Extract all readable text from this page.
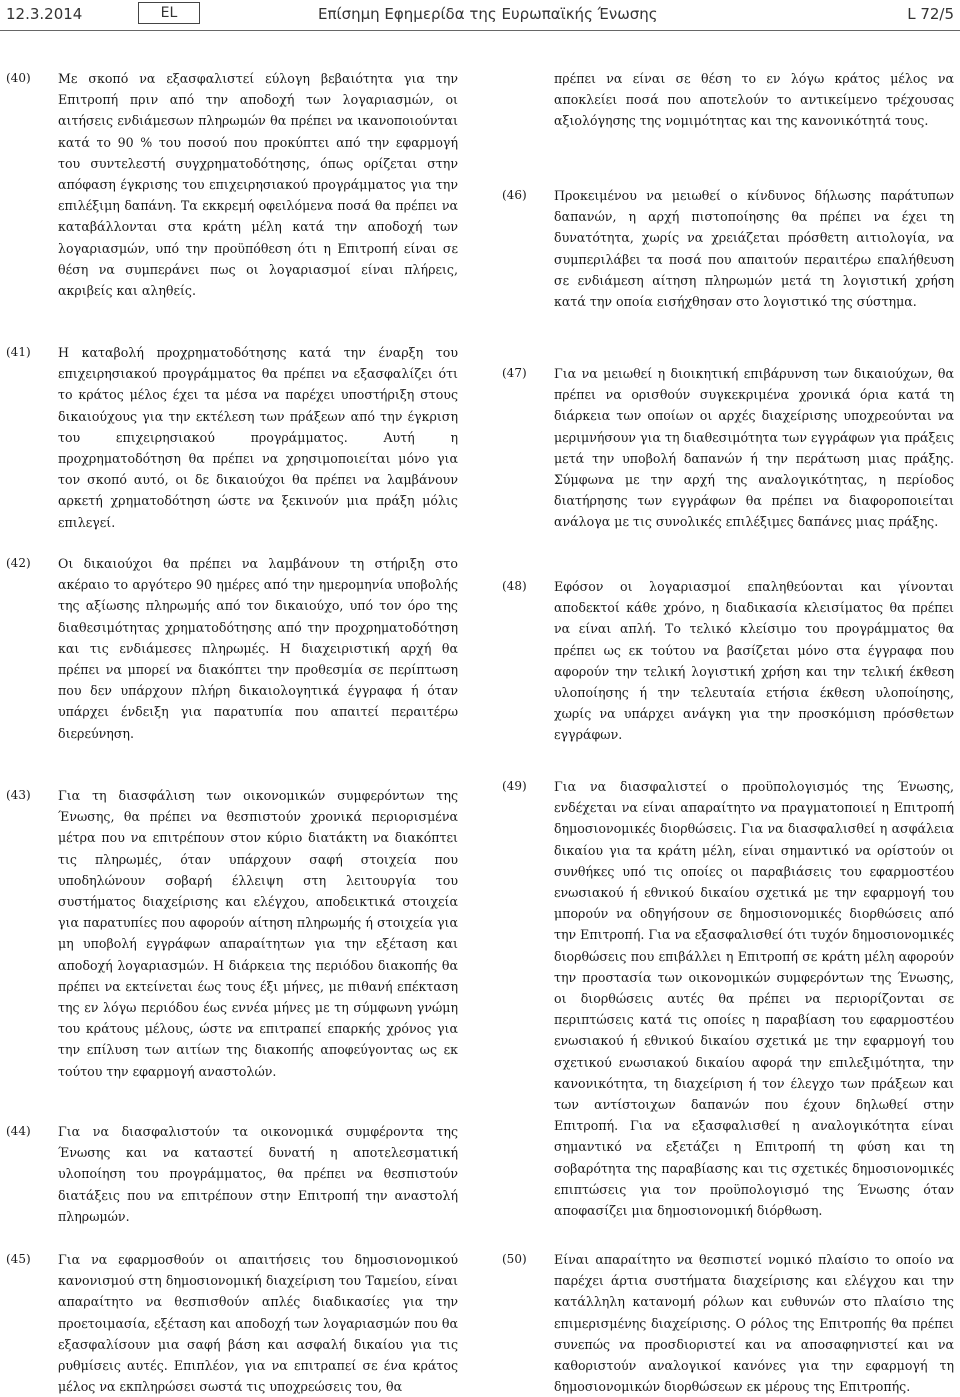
12.3.2014	EL	Επίσημη Εφημερίδα της Ευρωπαϊκής Ένωσης	L 72/5
(40) Με σκοπό να εξασφαλιστεί εύλογη βεβαιότητα για την Επιτροπή πριν από την αποδοχή των λογαριασμών, οι αιτήσεις ενδιάμεσων πληρωμών θα πρέπει να ικανοποιούνται κατά το 90 % του ποσού που προκύπτει από την εφαρμογή του συντελεστή συγχρηματοδότησης, όπως ορίζεται στην απόφαση έγκρισης του επιχειρησιακού προγράμματος για την επιλέξιμη δαπάνη. Τα εκκρεμή οφειλόμενα ποσά θα πρέπει να καταβάλλονται στα κράτη μέλη κατά την αποδοχή των λογαριασμών, υπό την προϋπόθεση ότι η Επιτροπή είναι σε θέση να συμπεράνει πως οι λογαριασμοί είναι πλήρεις, ακριβείς και αληθείς.
(41) Η καταβολή προχρηματοδότησης κατά την έναρξη του επιχειρησιακού προγράμματος θα πρέπει να εξασφαλίζει ότι το κράτος μέλος έχει τα μέσα να παρέχει υποστήριξη στους δικαιούχους για την εκτέλεση των πράξεων από την έγκριση του επιχειρησιακού προγράμματος. Αυτή η προχρηματοδότηση θα πρέπει να χρησιμοποιείται μόνο για τον σκοπό αυτό, οι δε δικαιούχοι θα πρέπει να λαμβάνουν αρκετή χρηματοδότηση ώστε να ξεκινούν μια πράξη μόλις επιλεγεί.
(42) Οι δικαιούχοι θα πρέπει να λαμβάνουν τη στήριξη στο ακέραιο το αργότερο 90 ημέρες από την ημερομηνία υποβολής της αξίωσης πληρωμής από τον δικαιούχο, υπό τον όρο της διαθεσιμότητας χρηματοδότησης από την προχρηματοδότηση και τις ενδιάμεσες πληρωμές. Η διαχειριστική αρχή θα πρέπει να μπορεί να διακόπτει την προθεσμία σε περίπτωση που δεν υπάρχουν πλήρη δικαιολογητικά έγγραφα ή όταν υπάρχει ένδειξη για παρατυπία που απαιτεί περαιτέρω διερεύνηση.
(43) Για τη διασφάλιση των οικονομικών συμφερόντων της Ένωσης, θα πρέπει να θεσπιστούν χρονικά περιορισμένα μέτρα που να επιτρέπουν στον κύριο διατάκτη να διακόπτει τις πληρωμές, όταν υπάρχουν σαφή στοιχεία που υποδηλώνουν σοβαρή έλλειψη στη λειτουργία του συστήματος διαχείρισης και ελέγχου, αποδεικτικά στοιχεία για παρατυπίες που αφορούν αίτηση πληρωμής ή στοιχεία για μη υποβολή εγγράφων απαραίτητων για την εξέταση και αποδοχή λογαριασμών. Η διάρκεια της περιόδου διακοπής θα πρέπει να εκτείνεται έως τους έξι μήνες, με πιθανή επέκταση της εν λόγω περιόδου έως εννέα μήνες με τη σύμφωνη γνώμη του κράτους μέλους, ώστε να επιτραπεί επαρκής χρόνος για την επίλυση των αιτίων της διακοπής αποφεύγοντας ως εκ τούτου την εφαρμογή αναστολών.
(44) Για να διασφαλιστούν τα οικονομικά συμφέροντα της Ένωσης και να καταστεί δυνατή η αποτελεσματική υλοποίηση του προγράμματος, θα πρέπει να θεσπιστούν διατάξεις που να επιτρέπουν στην Επιτροπή την αναστολή πληρωμών.
(45) Για να εφαρμοσθούν οι απαιτήσεις του δημοσιονομικού κανονισμού στη δημοσιονομική διαχείριση του Ταμείου, είναι απαραίτητο να θεσπισθούν απλές διαδικασίες για την προετοιμασία, εξέταση και αποδοχή των λογαριασμών που θα εξασφαλίσουν μια σαφή βάση και ασφαλή δικαίου για τις ρυθμίσεις αυτές. Επιπλέον, για να επιτραπεί σε ένα κράτος μέλος να εκπληρώσει σωστά τις υποχρεώσεις του, θα
πρέπει να είναι σε θέση το εν λόγω κράτος μέλος να αποκλείει ποσά που αποτελούν το αντικείμενο τρέχουσας αξιολόγησης της νομιμότητας και της κανονικότητά τους.
(46) Προκειμένου να μειωθεί ο κίνδυνος δήλωσης παράτυπων δαπανών, η αρχή πιστοποίησης θα πρέπει να έχει τη δυνατότητα, χωρίς να χρειάζεται πρόσθετη αιτιολογία, να συμπεριλάβει τα ποσά που απαιτούν περαιτέρω επαλήθευση σε ενδιάμεση αίτηση πληρωμών μετά τη λογιστική χρήση κατά την οποία εισήχθησαν στο λογιστικό της σύστημα.
(47) Για να μειωθεί η διοικητική επιβάρυνση των δικαιούχων, θα πρέπει να ορισθούν συγκεκριμένα χρονικά όρια κατά τη διάρκεια των οποίων οι αρχές διαχείρισης υποχρεούνται να μεριμνήσουν για τη διαθεσιμότητα των εγγράφων για πράξεις μετά την υποβολή δαπανών ή την περάτωση μιας πράξης. Σύμφωνα με την αρχή της αναλογικότητας, η περίοδος διατήρησης των εγγράφων θα πρέπει να διαφοροποιείται ανάλογα με τις συνολικές επιλέξιμες δαπάνες μιας πράξης.
(48) Εφόσον οι λογαριασμοί επαληθεύονται και γίνονται αποδεκτοί κάθε χρόνο, η διαδικασία κλεισίματος θα πρέπει να είναι απλή. Το τελικό κλείσιμο του προγράμματος θα πρέπει ως εκ τούτου να βασίζεται μόνο στα έγγραφα που αφορούν την τελική λογιστική χρήση και την τελική έκθεση υλοποίησης ή την τελευταία ετήσια έκθεση υλοποίησης, χωρίς να υπάρχει ανάγκη για την προσκόμιση πρόσθετων εγγράφων.
(49) Για να διασφαλιστεί ο προϋπολογισμός της Ένωσης, ενδέχεται να είναι απαραίτητο να πραγματοποιεί η Επιτροπή δημοσιονομικές διορθώσεις. Για να διασφαλισθεί η ασφάλεια δικαίου για τα κράτη μέλη, είναι σημαντικό να ορίστούν οι συνθήκες υπό τις οποίες οι παραβιάσεις του εφαρμοστέου ενωσιακού ή εθνικού δικαίου σχετικά με την εφαρμογή του μπορούν να οδηγήσουν σε δημοσιονομικές διορθώσεις από την Επιτροπή. Για να εξασφαλισθεί ότι τυχόν δημοσιονομικές διορθώσεις που επιβάλλει η Επιτροπή σε κράτη μέλη αφορούν την προστασία των οικονομικών συμφερόντων της Ένωσης, οι διορθώσεις αυτές θα πρέπει να περιορίζονται σε περιπτώσεις κατά τις οποίες η παραβίαση του εφαρμοστέου ενωσιακού ή εθνικού δικαίου σχετικά με την εφαρμογή του σχετικού ενωσιακού δικαίου αφορά την επιλεξιμότητα, την κανονικότητα, τη διαχείριση ή τον έλεγχο των πράξεων και των αντίστοιχων δαπανών που έχουν δηλωθεί στην Επιτροπή. Για να εξασφαλισθεί η αναλογικότητα είναι σημαντικό να εξετάζει η Επιτροπή τη φύση και τη σοβαρότητα της παραβίασης και τις σχετικές δημοσιονομικές επιπτώσεις για τον προϋπολογισμό της Ένωσης όταν αποφασίζει μια δημοσιονομική διόρθωση.
(50) Είναι απαραίτητο να θεσπιστεί νομικό πλαίσιο το οποίο να παρέχει άρτια συστήματα διαχείρισης και ελέγχου και την κατάλληλη κατανομή ρόλων και ευθυνών στο πλαίσιο της επιμερισμένης διαχείρισης. Ο ρόλος της Επιτροπής θα πρέπει συνεπώς να προσδιοριστεί και να αποσαφηνιστεί και να καθοριστούν αναλογικοί κανόνες για την εφαρμογή τη δημοσιονομικών διορθώσεων εκ μέρους της Επιτροπής.
